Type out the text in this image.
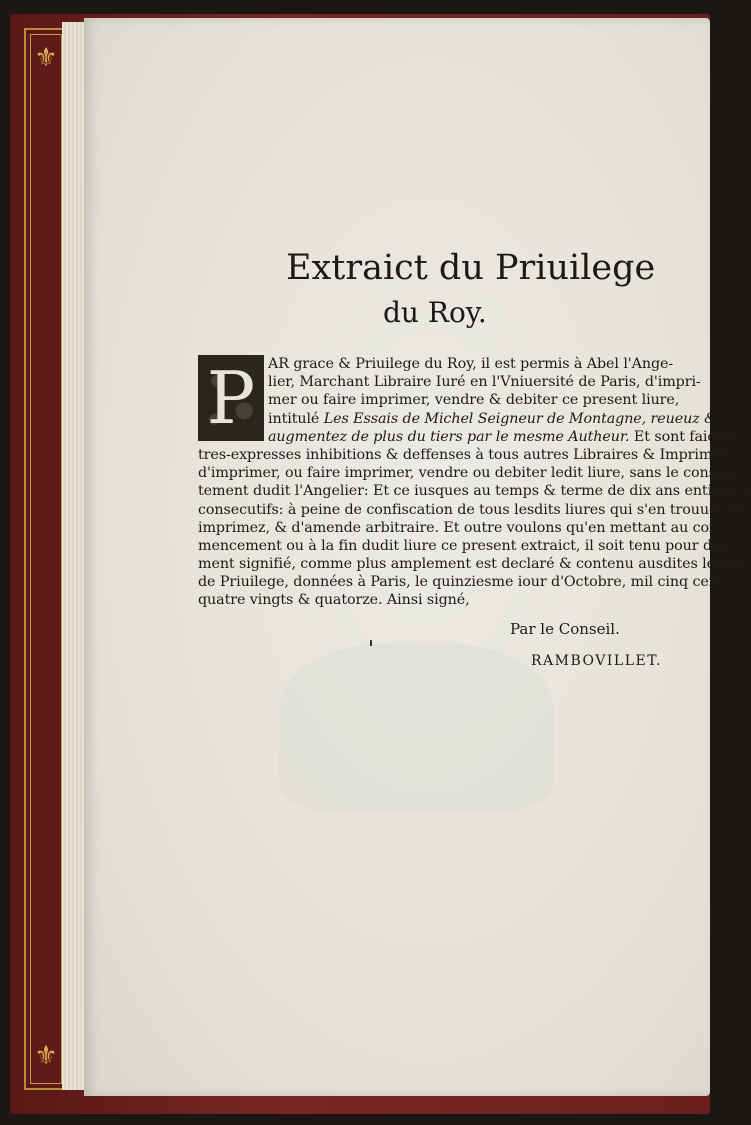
⚜
⚜
Extraict du Priuilege
du Roy.
P AR grace & Priuilege du Roy, il est permis à Abel l'Ange-
lier, Marchant Libraire Iuré en l'Vniuersité de Paris, d'impri-
mer ou faire imprimer, vendre & debiter ce present liure,
intitulé Les Essais de Michel Seigneur de Montagne, reueuz &
augmentez de plus du tiers par le mesme Autheur. Et sont faictes
tres-expresses inhibitions & deffenses à tous autres Libraires & Imprimeurs,
d'imprimer, ou faire imprimer, vendre ou debiter ledit liure, sans le consen-
tement dudit l'Angelier: Et ce iusques au temps & terme de dix ans entiers &
consecutifs: à peine de confiscation de tous lesdits liures qui s'en trouueront
imprimez, & d'amende arbitraire. Et outre voulons qu'en mettant au com-
mencement ou à la fin dudit liure ce present extraict, il soit tenu pour deue-
ment signifié, comme plus amplement est declaré & contenu ausdites lettres
de Priuilege, données à Paris, le quinziesme iour d'Octobre, mil cinq cens
quatre vingts & quatorze. Ainsi signé,
Par le Conseil.
RAMBOVILLET.
